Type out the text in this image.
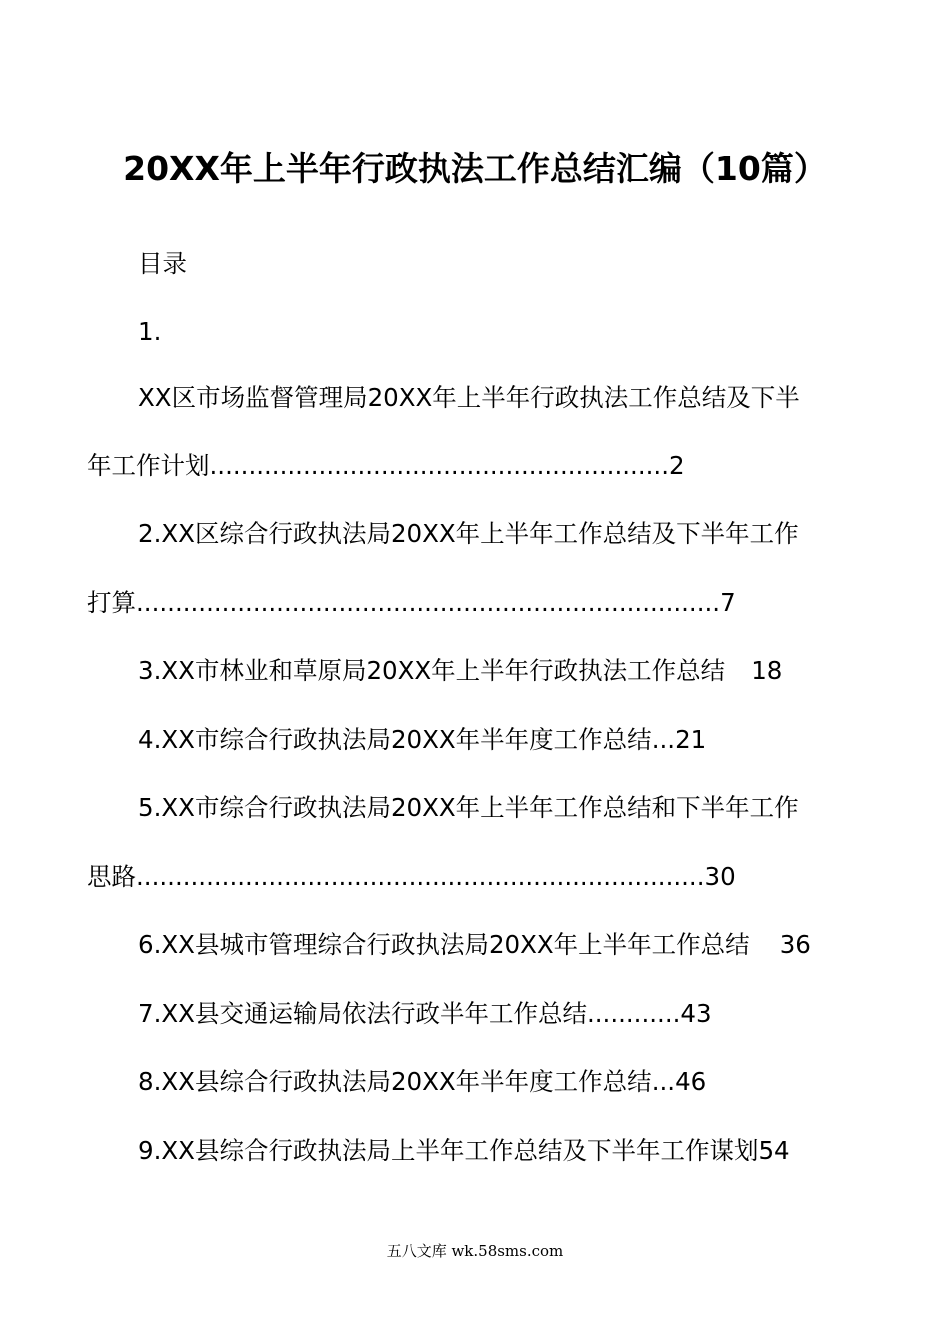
20XX年上半年行政执法工作总结汇编（10篇）
目录
1.
XX区市场监督管理局20XX年上半年行政执法工作总结及下半
年工作计划...........................................................2
2.XX区综合行政执法局20XX年上半年工作总结及下半年工作
打算...........................................................................7
3.XX市林业和草原局20XX年上半年行政执法工作总结 18
4.XX市综合行政执法局20XX年半年度工作总结...21
5.XX市综合行政执法局20XX年上半年工作总结和下半年工作
思路.........................................................................30
6.XX县城市管理综合行政执法局20XX年上半年工作总结 36
7.XX县交通运输局依法行政半年工作总结............43
8.XX县综合行政执法局20XX年半年度工作总结...46
9.XX县综合行政执法局上半年工作总结及下半年工作谋划54
五八文库 wk.58sms.com
